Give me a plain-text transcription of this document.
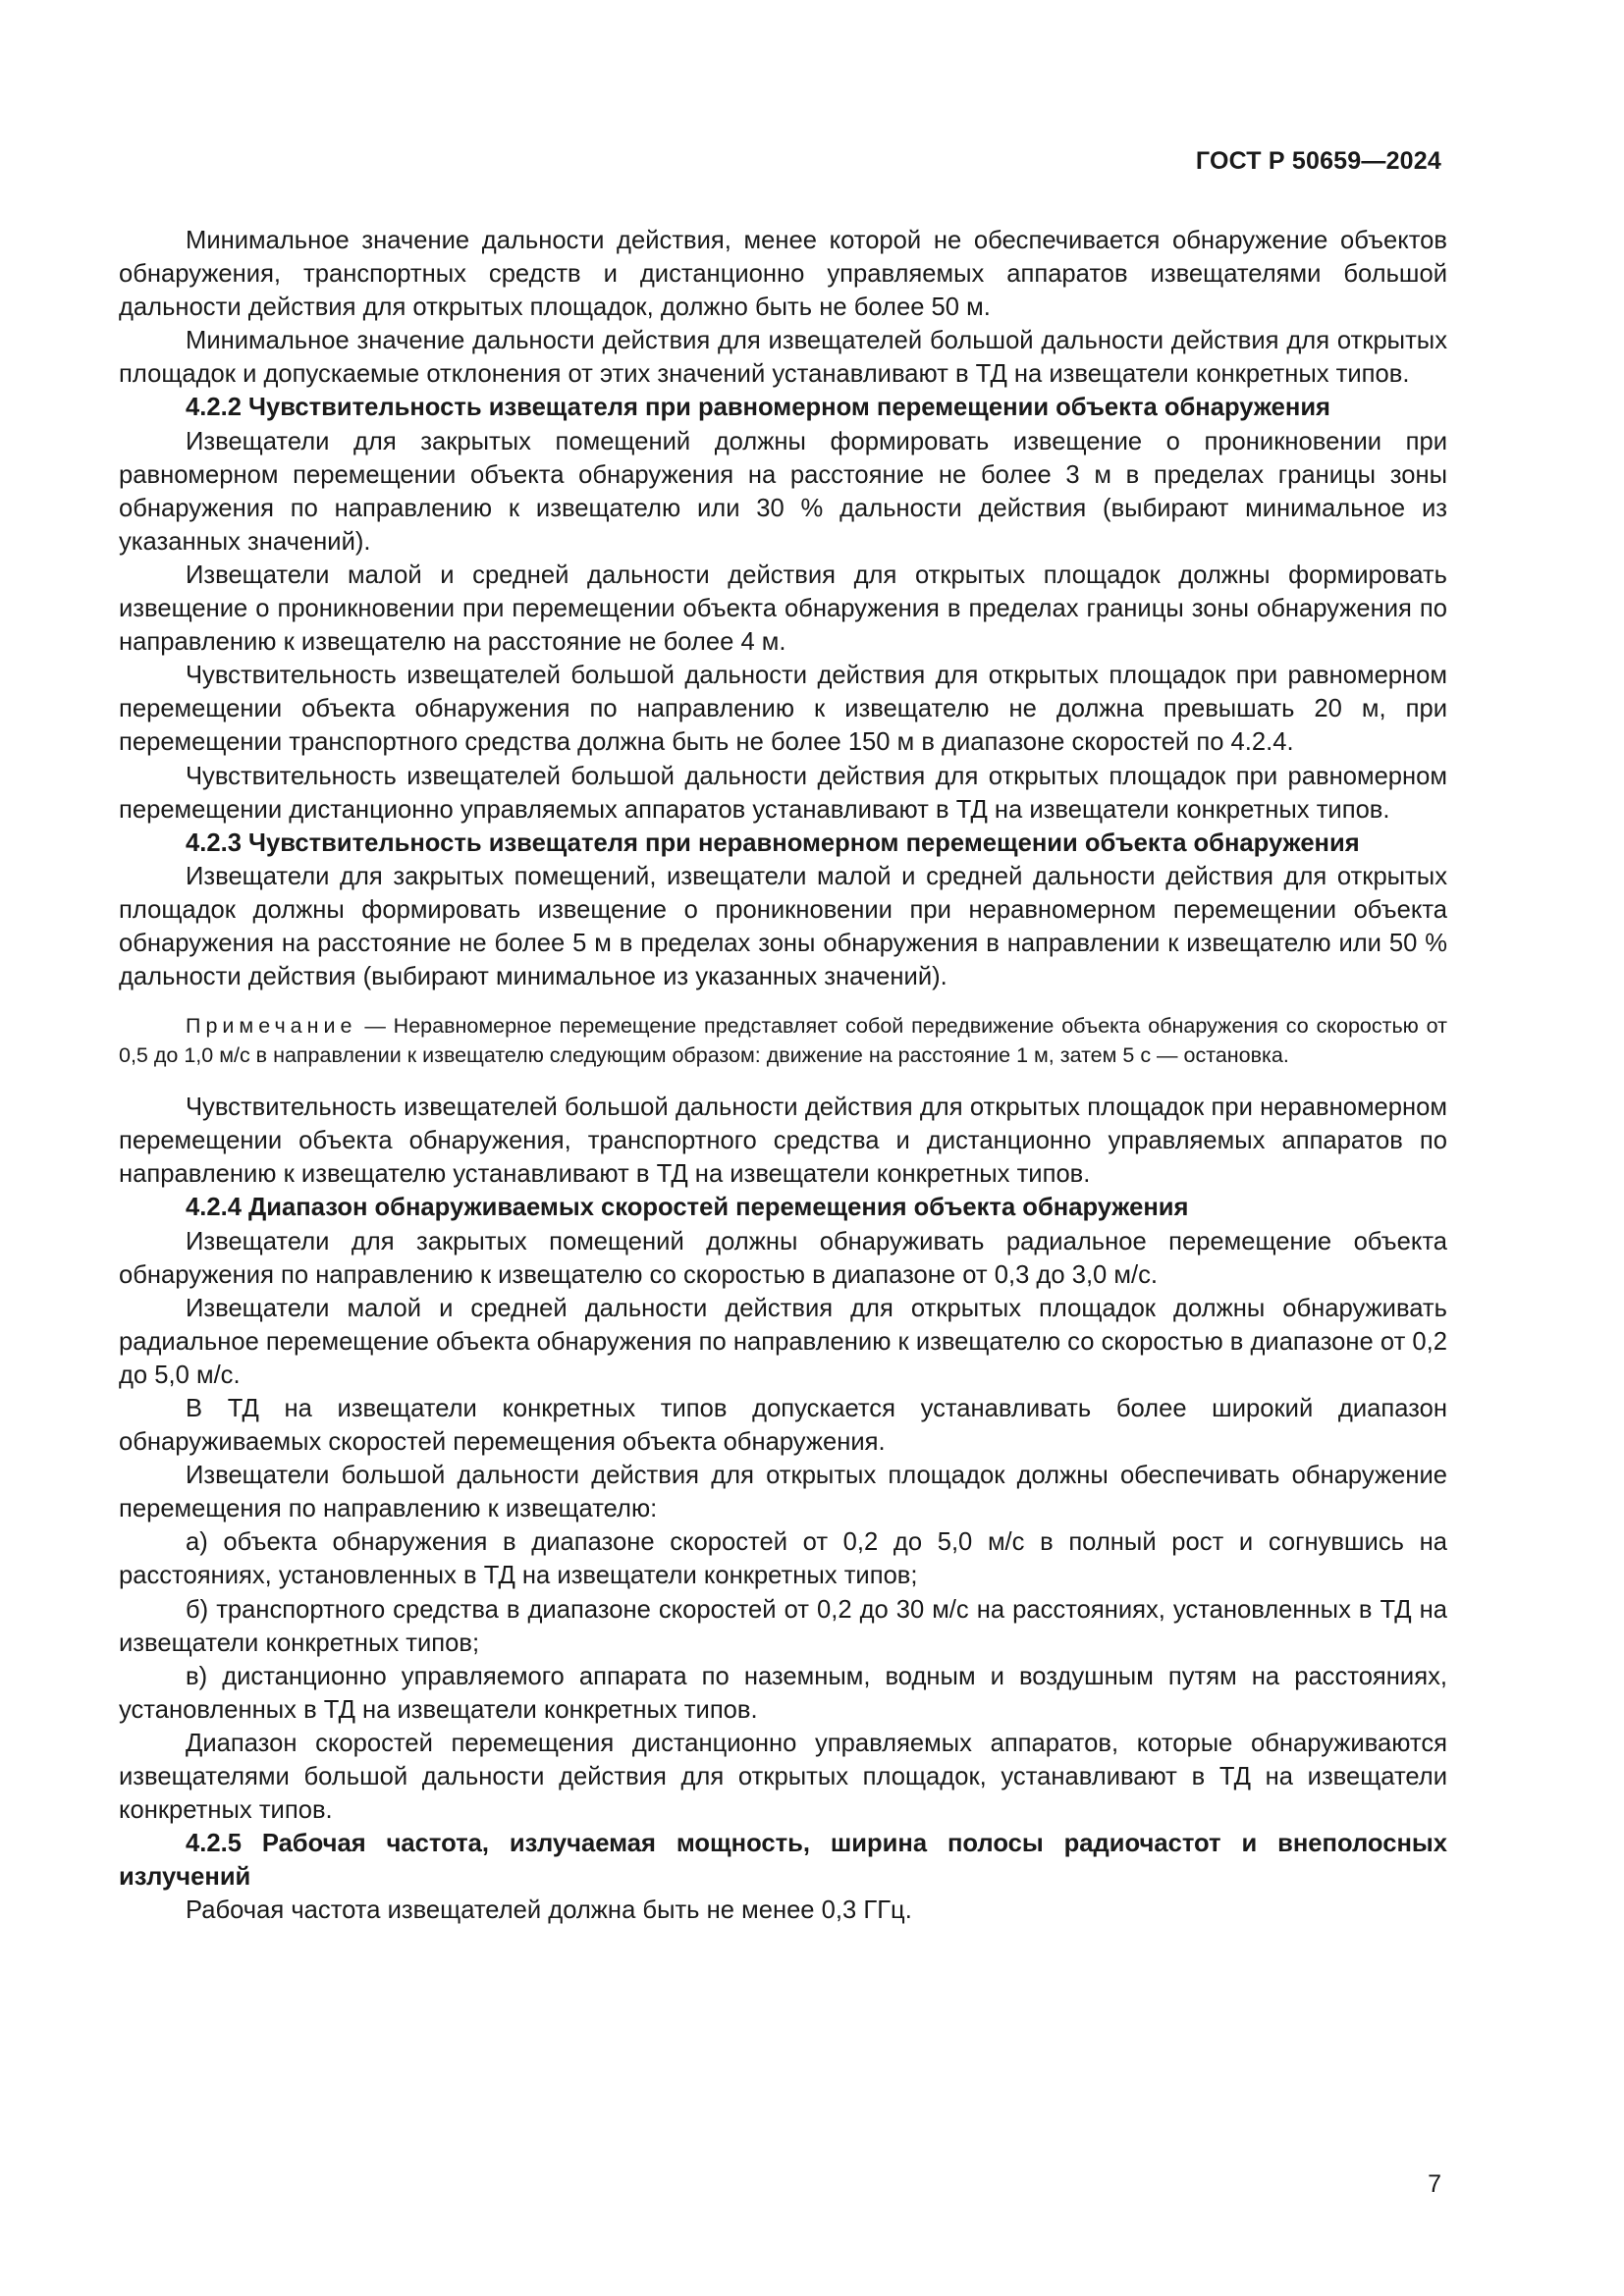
ГОСТ Р 50659—2024

Минимальное значение дальности действия, менее которой не обеспечивается обнаружение объектов обнаружения, транспортных средств и дистанционно управляемых аппаратов извещателями большой дальности действия для открытых площадок, должно быть не более 50 м.

Минимальное значение дальности действия для извещателей большой дальности действия для открытых площадок и допускаемые отклонения от этих значений устанавливают в ТД на извещатели конкретных типов.

4.2.2 Чувствительность извещателя при равномерном перемещении объекта обнаружения

Извещатели для закрытых помещений должны формировать извещение о проникновении при равномерном перемещении объекта обнаружения на расстояние не более 3 м в пределах границы зоны обнаружения по направлению к извещателю или 30 % дальности действия (выбирают минимальное из указанных значений).

Извещатели малой и средней дальности действия для открытых площадок должны формировать извещение о проникновении при перемещении объекта обнаружения в пределах границы зоны обнаружения по направлению к извещателю на расстояние не более 4 м.

Чувствительность извещателей большой дальности действия для открытых площадок при равномерном перемещении объекта обнаружения по направлению к извещателю не должна превышать 20 м, при перемещении транспортного средства должна быть не более 150 м в диапазоне скоростей по 4.2.4.

Чувствительность извещателей большой дальности действия для открытых площадок при равномерном перемещении дистанционно управляемых аппаратов устанавливают в ТД на извещатели конкретных типов.

4.2.3 Чувствительность извещателя при неравномерном перемещении объекта обнаружения

Извещатели для закрытых помещений, извещатели малой и средней дальности действия для открытых площадок должны формировать извещение о проникновении при неравномерном перемещении объекта обнаружения на расстояние не более 5 м в пределах зоны обнаружения в направлении к извещателю или 50 % дальности действия (выбирают минимальное из указанных значений).

Примечание — Неравномерное перемещение представляет собой передвижение объекта обнаружения со скоростью от 0,5 до 1,0 м/с в направлении к извещателю следующим образом: движение на расстояние 1 м, затем 5 с — остановка.

Чувствительность извещателей большой дальности действия для открытых площадок при неравномерном перемещении объекта обнаружения, транспортного средства и дистанционно управляемых аппаратов по направлению к извещателю устанавливают в ТД на извещатели конкретных типов.

4.2.4 Диапазон обнаруживаемых скоростей перемещения объекта обнаружения

Извещатели для закрытых помещений должны обнаруживать радиальное перемещение объекта обнаружения по направлению к извещателю со скоростью в диапазоне от 0,3 до 3,0 м/с.

Извещатели малой и средней дальности действия для открытых площадок должны обнаруживать радиальное перемещение объекта обнаружения по направлению к извещателю со скоростью в диапазоне от 0,2 до 5,0 м/с.

В ТД на извещатели конкретных типов допускается устанавливать более широкий диапазон обнаруживаемых скоростей перемещения объекта обнаружения.

Извещатели большой дальности действия для открытых площадок должны обеспечивать обнаружение перемещения по направлению к извещателю:

а) объекта обнаружения в диапазоне скоростей от 0,2 до 5,0 м/с в полный рост и согнувшись на расстояниях, установленных в ТД на извещатели конкретных типов;

б) транспортного средства в диапазоне скоростей от 0,2 до 30 м/с на расстояниях, установленных в ТД на извещатели конкретных типов;

в) дистанционно управляемого аппарата по наземным, водным и воздушным путям на расстояниях, установленных в ТД на извещатели конкретных типов.

Диапазон скоростей перемещения дистанционно управляемых аппаратов, которые обнаруживаются извещателями большой дальности действия для открытых площадок, устанавливают в ТД на извещатели конкретных типов.

4.2.5 Рабочая частота, излучаемая мощность, ширина полосы радиочастот и внеполосных излучений

Рабочая частота извещателей должна быть не менее 0,3 ГГц.

7
